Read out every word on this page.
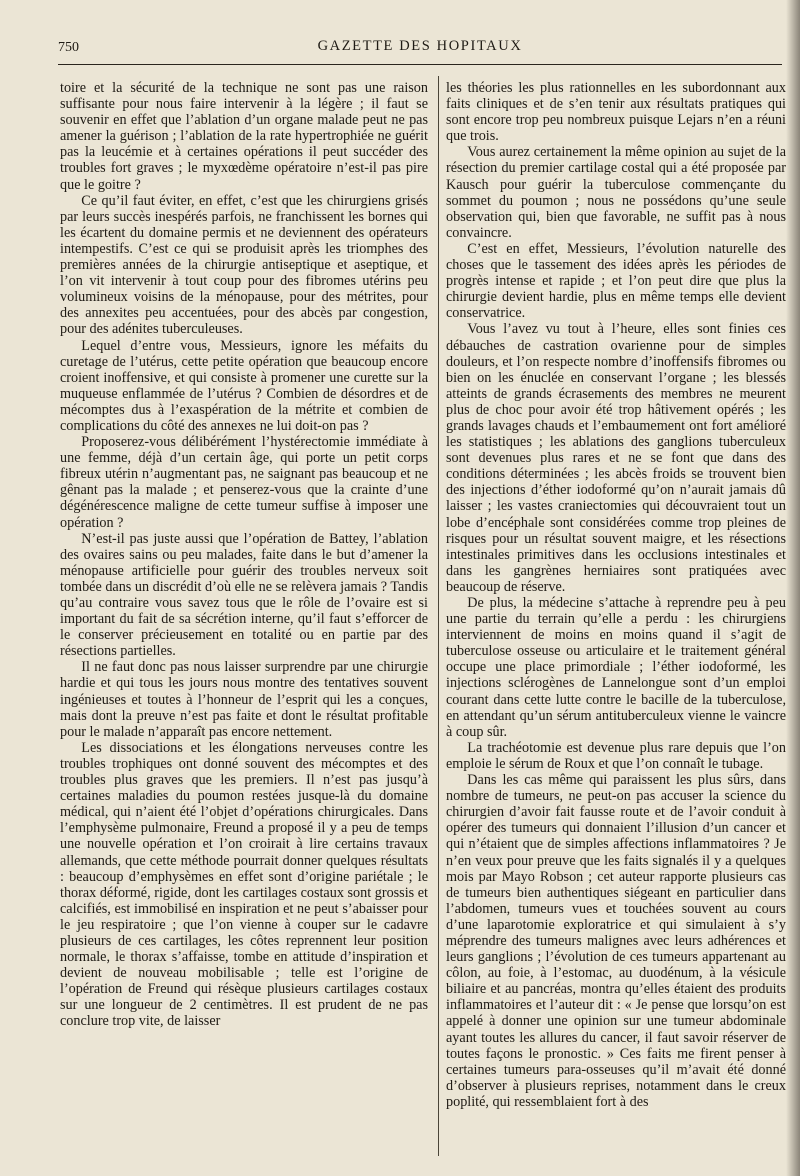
750	GAZETTE DES HOPITAUX

toire et la sécurité de la technique ne sont pas une raison suffisante pour nous faire intervenir à la légère ; il faut se souvenir en effet que l’ablation d’un organe malade peut ne pas amener la guérison ; l’ablation de la rate hypertrophiée ne guérit pas la leucémie et à certaines opérations il peut succéder des troubles fort graves ; le myxœdème opératoire n’est-il pas pire que le goitre ?

Ce qu’il faut éviter, en effet, c’est que les chirurgiens grisés par leurs succès inespérés parfois, ne franchissent les bornes qui les écartent du domaine permis et ne deviennent des opérateurs intempestifs. C’est ce qui se produisit après les triomphes des premières années de la chirurgie antiseptique et aseptique, et l’on vit intervenir à tout coup pour des fibromes utérins peu volumineux voisins de la ménopause, pour des métrites, pour des annexites peu accentuées, pour des abcès par congestion, pour des adénites tuberculeuses.

Lequel d’entre vous, Messieurs, ignore les méfaits du curetage de l’utérus, cette petite opération que beaucoup encore croient inoffensive, et qui consiste à promener une curette sur la muqueuse enflammée de l’utérus ? Combien de désordres et de mécomptes dus à l’exaspération de la métrite et combien de complications du côté des annexes ne lui doit-on pas ?

Proposerez-vous délibérément l’hystérectomie immédiate à une femme, déjà d’un certain âge, qui porte un petit corps fibreux utérin n’augmentant pas, ne saignant pas beaucoup et ne gênant pas la malade ; et penserez-vous que la crainte d’une dégénérescence maligne de cette tumeur suffise à imposer une opération ?

N’est-il pas juste aussi que l’opération de Battey, l’ablation des ovaires sains ou peu malades, faite dans le but d’amener la ménopause artificielle pour guérir des troubles nerveux soit tombée dans un discrédit d’où elle ne se relèvera jamais ? Tandis qu’au contraire vous savez tous que le rôle de l’ovaire est si important du fait de sa sécrétion interne, qu’il faut s’efforcer de le conserver précieusement en totalité ou en partie par des résections partielles.

Il ne faut donc pas nous laisser surprendre par une chirurgie hardie et qui tous les jours nous montre des tentatives souvent ingénieuses et toutes à l’honneur de l’esprit qui les a conçues, mais dont la preuve n’est pas faite et dont le résultat profitable pour le malade n’apparaît pas encore nettement.

Les dissociations et les élongations nerveuses contre les troubles trophiques ont donné souvent des mécomptes et des troubles plus graves que les premiers. Il n’est pas jusqu’à certaines maladies du poumon restées jusque-là du domaine médical, qui n’aient été l’objet d’opérations chirurgicales. Dans l’emphysème pulmonaire, Freund a proposé il y a peu de temps une nouvelle opération et l’on croirait à lire certains travaux allemands, que cette méthode pourrait donner quelques résultats : beaucoup d’emphysèmes en effet sont d’origine pariétale ; le thorax déformé, rigide, dont les cartilages costaux sont grossis et calcifiés, est immobilisé en inspiration et ne peut s’abaisser pour le jeu respiratoire ; que l’on vienne à couper sur le cadavre plusieurs de ces cartilages, les côtes reprennent leur position normale, le thorax s’affaisse, tombe en attitude d’inspiration et devient de nouveau mobilisable ; telle est l’origine de l’opération de Freund qui résèque plusieurs cartilages costaux sur une longueur de 2 centimètres. Il est prudent de ne pas conclure trop vite, de laisser

les théories les plus rationnelles en les subordonnant aux faits cliniques et de s’en tenir aux résultats pratiques qui sont encore trop peu nombreux puisque Lejars n’en a réuni que trois.

Vous aurez certainement la même opinion au sujet de la résection du premier cartilage costal qui a été proposée par Kausch pour guérir la tuberculose commençante du sommet du poumon ; nous ne possédons qu’une seule observation qui, bien que favorable, ne suffit pas à nous convaincre.

C’est en effet, Messieurs, l’évolution naturelle des choses que le tassement des idées après les périodes de progrès intense et rapide ; et l’on peut dire que plus la chirurgie devient hardie, plus en même temps elle devient conservatrice.

Vous l’avez vu tout à l’heure, elles sont finies ces débauches de castration ovarienne pour de simples douleurs, et l’on respecte nombre d’inoffensifs fibromes ou bien on les énuclée en conservant l’organe ; les blessés atteints de grands écrasements des membres ne meurent plus de choc pour avoir été trop hâtivement opérés ; les grands lavages chauds et l’embaumement ont fort amélioré les statistiques ; les ablations des ganglions tuberculeux sont devenues plus rares et ne se font que dans des conditions déterminées ; les abcès froids se trouvent bien des injections d’éther iodoformé qu’on n’aurait jamais dû laisser ; les vastes craniectomies qui découvraient tout un lobe d’encéphale sont considérées comme trop pleines de risques pour un résultat souvent maigre, et les résections intestinales primitives dans les occlusions intestinales et dans les gangrènes herniaires sont pratiquées avec beaucoup de réserve.

De plus, la médecine s’attache à reprendre peu à peu une partie du terrain qu’elle a perdu : les chirurgiens interviennent de moins en moins quand il s’agit de tuberculose osseuse ou articulaire et le traitement général occupe une place primordiale ; l’éther iodoformé, les injections sclérogènes de Lannelongue sont d’un emploi courant dans cette lutte contre le bacille de la tuberculose, en attendant qu’un sérum antituberculeux vienne le vaincre à coup sûr.

La trachéotomie est devenue plus rare depuis que l’on emploie le sérum de Roux et que l’on connaît le tubage.

Dans les cas même qui paraissent les plus sûrs, dans nombre de tumeurs, ne peut-on pas accuser la science du chirurgien d’avoir fait fausse route et de l’avoir conduit à opérer des tumeurs qui donnaient l’illusion d’un cancer et qui n’étaient que de simples affections inflammatoires ? Je n’en veux pour preuve que les faits signalés il y a quelques mois par Mayo Robson ; cet auteur rapporte plusieurs cas de tumeurs bien authentiques siégeant en particulier dans l’abdomen, tumeurs vues et touchées souvent au cours d’une laparotomie exploratrice et qui simulaient à s’y méprendre des tumeurs malignes avec leurs adhérences et leurs ganglions ; l’évolution de ces tumeurs appartenant au côlon, au foie, à l’estomac, au duodénum, à la vésicule biliaire et au pancréas, montra qu’elles étaient des produits inflammatoires et l’auteur dit : « Je pense que lorsqu’on est appelé à donner une opinion sur une tumeur abdominale ayant toutes les allures du cancer, il faut savoir réserver de toutes façons le pronostic. » Ces faits me firent penser à certaines tumeurs para-osseuses qu’il m’avait été donné d’observer à plusieurs reprises, notamment dans le creux poplité, qui ressemblaient fort à des
